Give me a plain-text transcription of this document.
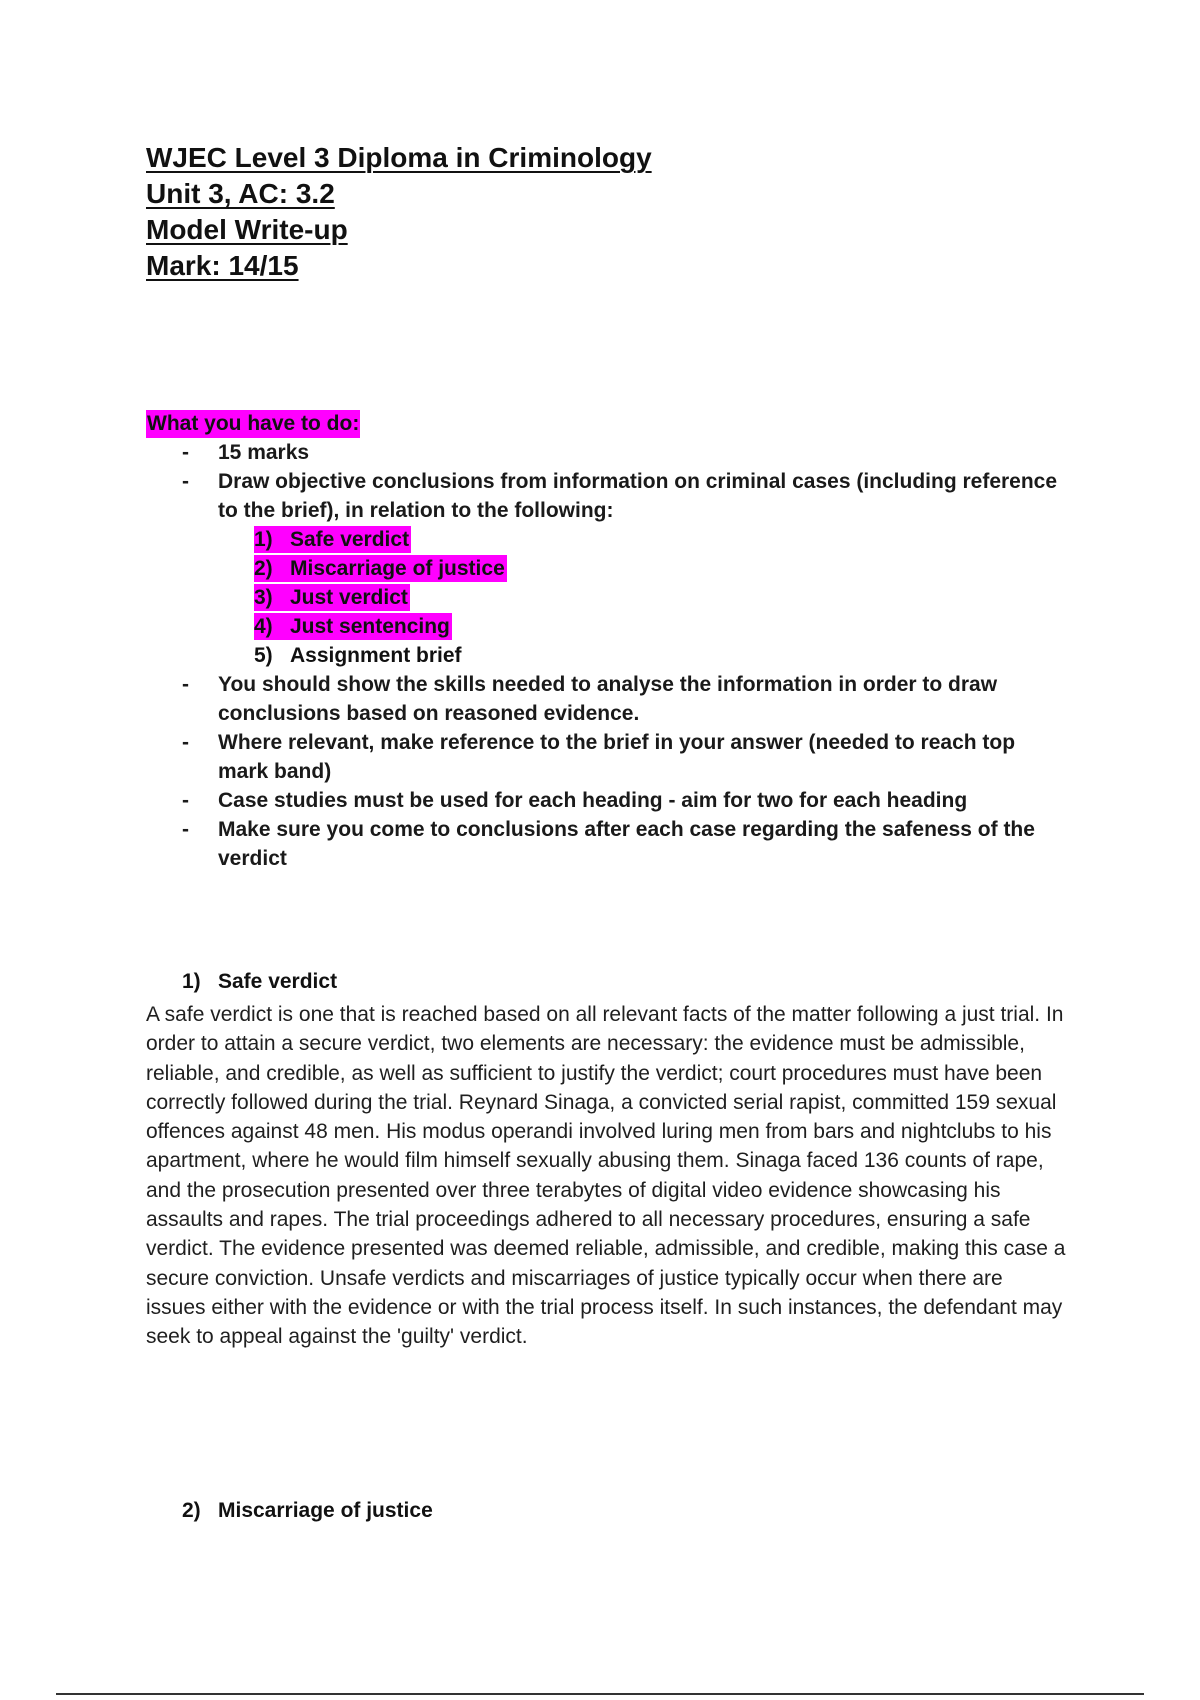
WJEC Level 3 Diploma in Criminology
Unit 3, AC: 3.2
Model Write-up
Mark: 14/15
What you have to do:
- 15 marks
- Draw objective conclusions from information on criminal cases (including reference to the brief), in relation to the following:
1) Safe verdict
2) Miscarriage of justice
3) Just verdict
4) Just sentencing
5) Assignment brief
- You should show the skills needed to analyse the information in order to draw conclusions based on reasoned evidence.
- Where relevant, make reference to the brief in your answer (needed to reach top mark band)
- Case studies must be used for each heading - aim for two for each heading
- Make sure you come to conclusions after each case regarding the safeness of the verdict
1) Safe verdict

A safe verdict is one that is reached based on all relevant facts of the matter following a just trial. In order to attain a secure verdict, two elements are necessary: the evidence must be admissible, reliable, and credible, as well as sufficient to justify the verdict; court procedures must have been correctly followed during the trial. Reynard Sinaga, a convicted serial rapist, committed 159 sexual offences against 48 men. His modus operandi involved luring men from bars and nightclubs to his apartment, where he would film himself sexually abusing them. Sinaga faced 136 counts of rape, and the prosecution presented over three terabytes of digital video evidence showcasing his assaults and rapes. The trial proceedings adhered to all necessary procedures, ensuring a safe verdict. The evidence presented was deemed reliable, admissible, and credible, making this case a secure conviction. Unsafe verdicts and miscarriages of justice typically occur when there are issues either with the evidence or with the trial process itself. In such instances, the defendant may seek to appeal against the 'guilty' verdict.

2) Miscarriage of justice
